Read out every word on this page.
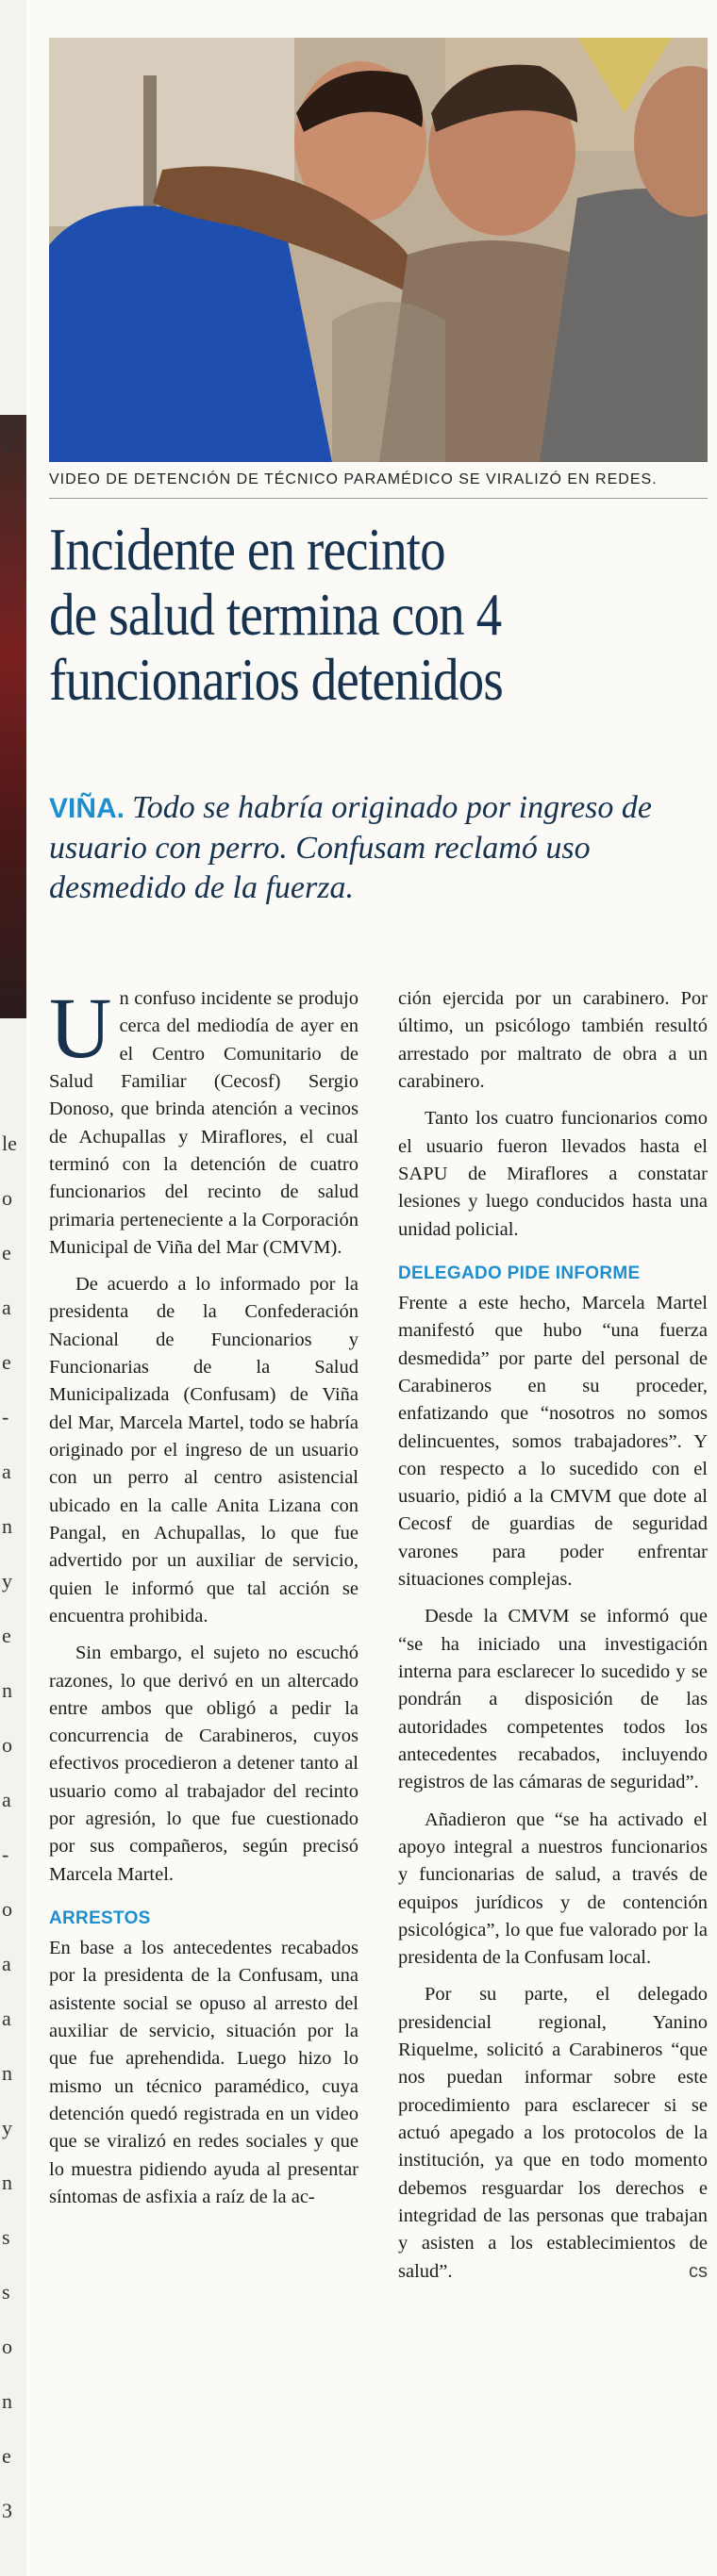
s
le
o
e
a
e
-
a
n
y
e
n
o
a
-
o
a
a
n
y
n
s
s
o
n
e
3
VIDEO DE DETENCIÓN DE TÉCNICO PARAMÉDICO SE VIRALIZÓ EN REDES.
Incidente en recinto
de salud termina con 4
funcionarios detenidos
VIÑA. Todo se habría originado por ingreso de usuario con perro. Confusam reclamó uso desmedido de la fuerza.

Un confuso incidente se produjo cerca del mediodía de ayer en el Centro Comunitario de Salud Familiar (Cecosf) Sergio Donoso, que brinda atención a vecinos de Achupallas y Miraflores, el cual terminó con la detención de cuatro funcionarios del recinto de salud primaria perteneciente a la Corporación Municipal de Viña del Mar (CMVM).

De acuerdo a lo informado por la presidenta de la Confederación Nacional de Funcionarios y Funcionarias de la Salud Municipalizada (Confusam) de Viña del Mar, Marcela Martel, todo se habría originado por el ingreso de un usuario con un perro al centro asistencial ubicado en la calle Anita Lizana con Pangal, en Achupallas, lo que fue advertido por un auxiliar de servicio, quien le informó que tal acción se encuentra prohibida.

Sin embargo, el sujeto no escuchó razones, lo que derivó en un altercado entre ambos que obligó a pedir la concurrencia de Carabineros, cuyos efectivos procedieron a detener tanto al usuario como al trabajador del recinto por agresión, lo que fue cuestionado por sus compañeros, según precisó Marcela Martel.

ARRESTOS

En base a los antecedentes recabados por la presidenta de la Confusam, una asistente social se opuso al arresto del auxiliar de servicio, situación por la que fue aprehendida. Luego hizo lo mismo un técnico paramédico, cuya detención quedó registrada en un video que se viralizó en redes sociales y que lo muestra pidiendo ayuda al presentar síntomas de asfixia a raíz de la ac-

ción ejercida por un carabinero. Por último, un psicólogo también resultó arrestado por maltrato de obra a un carabinero.

Tanto los cuatro funcionarios como el usuario fueron llevados hasta el SAPU de Miraflores a constatar lesiones y luego conducidos hasta una unidad policial.

DELEGADO PIDE INFORME

Frente a este hecho, Marcela Martel manifestó que hubo “una fuerza desmedida” por parte del personal de Carabineros en su proceder, enfatizando que “nosotros no somos delincuentes, somos trabajadores”. Y con respecto a lo sucedido con el usuario, pidió a la CMVM que dote al Cecosf de guardias de seguridad varones para poder enfrentar situaciones complejas.

Desde la CMVM se informó que “se ha iniciado una investigación interna para esclarecer lo sucedido y se pondrán a disposición de las autoridades competentes todos los antecedentes recabados, incluyendo registros de las cámaras de seguridad”.

Añadieron que “se ha activado el apoyo integral a nuestros funcionarios y funcionarias de salud, a través de equipos jurídicos y de contención psicológica”, lo que fue valorado por la presidenta de la Confusam local.

Por su parte, el delegado presidencial regional, Yanino Riquelme, solicitó a Carabineros “que nos puedan informar sobre este procedimiento para esclarecer si se actuó apegado a los protocolos de la institución, ya que en todo momento debemos resguardar los derechos e integridad de las personas que trabajan y asisten a los establecimientos de salud”.	cs
